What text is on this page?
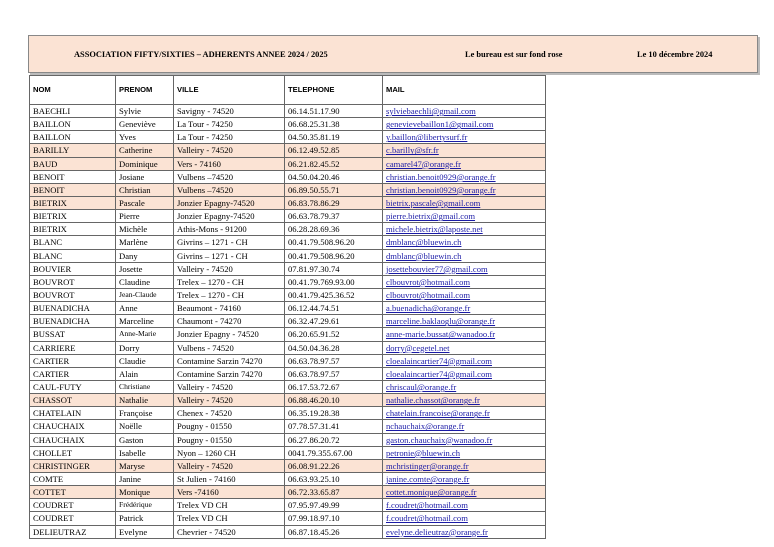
ASSOCIATION FIFTY/SIXTIES – ADHERENTS ANNEE 2024 / 2025	Le bureau est sur fond rose	Le 10 décembre 2024
NOM	PRENOM	VILLE	TELEPHONE	MAIL
BAECHLI	Sylvie	Savigny - 74520	06.14.51.17.90	sylviebaechli@gmail.com
BAILLON	Geneviève	La Tour - 74250	06.68.25.31.38	genevievebaillon1@gmail.com
BAILLON	Yves	La Tour - 74250	04.50.35.81.19	y.baillon@libertysurf.fr
BARILLY	Catherine	Valleiry - 74520	06.12.49.52.85	c.barilly@sfr.fr
BAUD	Dominique	Vers - 74160	06.21.82.45.52	camarel47@orange.fr
BENOIT	Josiane	Vulbens –74520	04.50.04.20.46	christian.benoit0929@orange.fr
BENOIT	Christian	Vulbens –74520	06.89.50.55.71	christian.benoit0929@orange.fr
BIETRIX	Pascale	Jonzier Epagny-74520	06.83.78.86.29	bietrix.pascale@gmail.com
BIETRIX	Pierre	Jonzier Epagny-74520	06.63.78.79.37	pierre.bietrix@gmail.com
BIETRIX	Michèle	Athis-Mons - 91200	06.28.28.69.36	michele.bietrix@laposte.net
BLANC	Marlène	Givrins – 1271 - CH	00.41.79.508.96.20	dmblanc@bluewin.ch
BLANC	Dany	Givrins – 1271 - CH	00.41.79.508.96.20	dmblanc@bluewin.ch
BOUVIER	Josette	Valleiry - 74520	07.81.97.30.74	josettebouvier77@gmail.com
BOUVROT	Claudine	Trelex – 1270 - CH	00.41.79.769.93.00	clbouvrot@hotmail.com
BOUVROT	Jean-Claude	Trelex – 1270 - CH	00.41.79.425.36.52	clbouvrot@hotmail.com
BUENADICHA	Anne	Beaumont - 74160	06.12.44.74.51	a.buenadicha@orange.fr
BUENADICHA	Marceline	Chaumont - 74270	06.32.47.29.61	marceline.baklaoglu@orange.fr
BUSSAT	Anne-Marie	Jonzier Epagny - 74520	06.20.65.91.52	anne-marie.bussat@wanadoo.fr
CARRIERE	Dorry	Vulbens - 74520	04.50.04.36.28	dorry@cegetel.net
CARTIER	Claudie	Contamine Sarzin 74270	06.63.78.97.57	cloealaincartier74@gmail.com
CARTIER	Alain	Contamine Sarzin 74270	06.63.78.97.57	cloealaincartier74@gmail.com
CAUL-FUTY	Christiane	Valleiry - 74520	06.17.53.72.67	chriscaul@orange.fr
CHASSOT	Nathalie	Valleiry - 74520	06.88.46.20.10	nathalie.chassot@orange.fr
CHATELAIN	Françoise	Chenex - 74520	06.35.19.28.38	chatelain.francoise@orange.fr
CHAUCHAIX	Noëlle	Pougny - 01550	07.78.57.31.41	nchauchaix@orange.fr
CHAUCHAIX	Gaston	Pougny - 01550	06.27.86.20.72	gaston.chauchaix@wanadoo.fr
CHOLLET	Isabelle	Nyon – 1260 CH	0041.79.355.67.00	petronie@bluewin.ch
CHRISTINGER	Maryse	Valleiry - 74520	06.08.91.22.26	mchristinger@orange.fr
COMTE	Janine	St Julien - 74160	06.63.93.25.10	janine.comte@orange.fr
COTTET	Monique	Vers -74160	06.72.33.65.87	cottet.monique@orange.fr
COUDRET	Frédérique	Trelex VD CH	07.95.97.49.99	f.coudret@hotmail.com
COUDRET	Patrick	Trelex VD CH	07.99.18.97.10	f.coudret@hotmail.com
DELIEUTRAZ	Evelyne	Chevrier - 74520	06.87.18.45.26	evelyne.delieutraz@orange.fr
